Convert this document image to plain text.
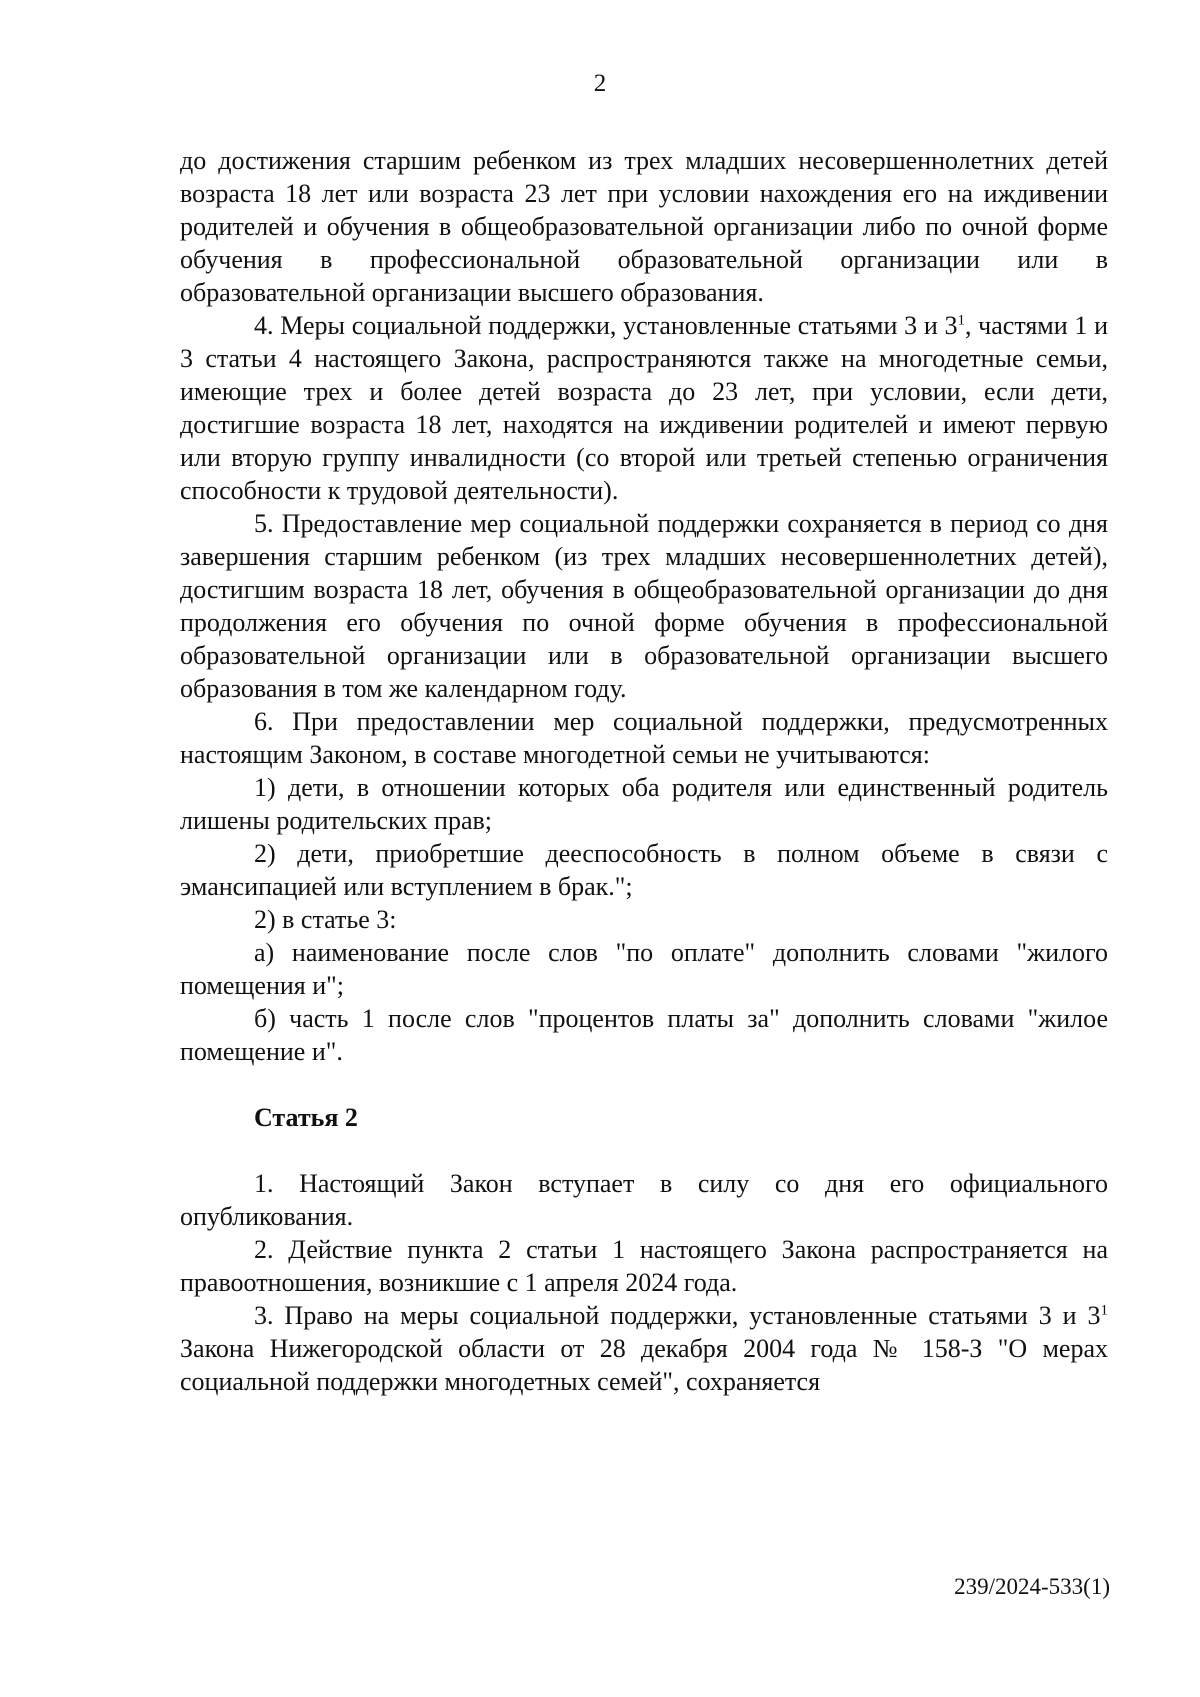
2

до достижения старшим ребенком из трех младших несовершеннолетних детей возраста 18 лет или возраста 23 лет при условии нахождения его на иждивении родителей и обучения в общеобразовательной организации либо по очной форме обучения в профессиональной образовательной организации или в образовательной организации высшего образования.

4. Меры социальной поддержки, установленные статьями 3 и $3^1$, частями 1 и 3 статьи 4 настоящего Закона, распространяются также на многодетные семьи, имеющие трех и более детей возраста до 23 лет, при условии, если дети, достигшие возраста 18 лет, находятся на иждивении родителей и имеют первую или вторую группу инвалидности (со второй или третьей степенью ограничения способности к трудовой деятельности).

5. Предоставление мер социальной поддержки сохраняется в период со дня завершения старшим ребенком (из трех младших несовершеннолетних детей), достигшим возраста 18 лет, обучения в общеобразовательной организации до дня продолжения его обучения по очной форме обучения в профессиональной образовательной организации или в образовательной организации высшего образования в том же календарном году.

6. При предоставлении мер социальной поддержки, предусмотренных настоящим Законом, в составе многодетной семьи не учитываются:

1) дети, в отношении которых оба родителя или единственный родитель лишены родительских прав;

2) дети, приобретшие дееспособность в полном объеме в связи с эмансипацией или вступлением в брак.";

2) в статье 3:

а) наименование после слов "по оплате" дополнить словами "жилого помещения и";

б) часть 1 после слов "процентов платы за" дополнить словами "жилое помещение и".

Статья 2

1. Настоящий Закон вступает в силу со дня его официального опубликования.

2. Действие пункта 2 статьи 1 настоящего Закона распространяется на правоотношения, возникшие с 1 апреля 2024 года.

3. Право на меры социальной поддержки, установленные статьями 3 и $3^1$ Закона Нижегородской области от 28 декабря 2004 года № 158-З "О мерах социальной поддержки многодетных семей", сохраняется

239/2024-533(1)
